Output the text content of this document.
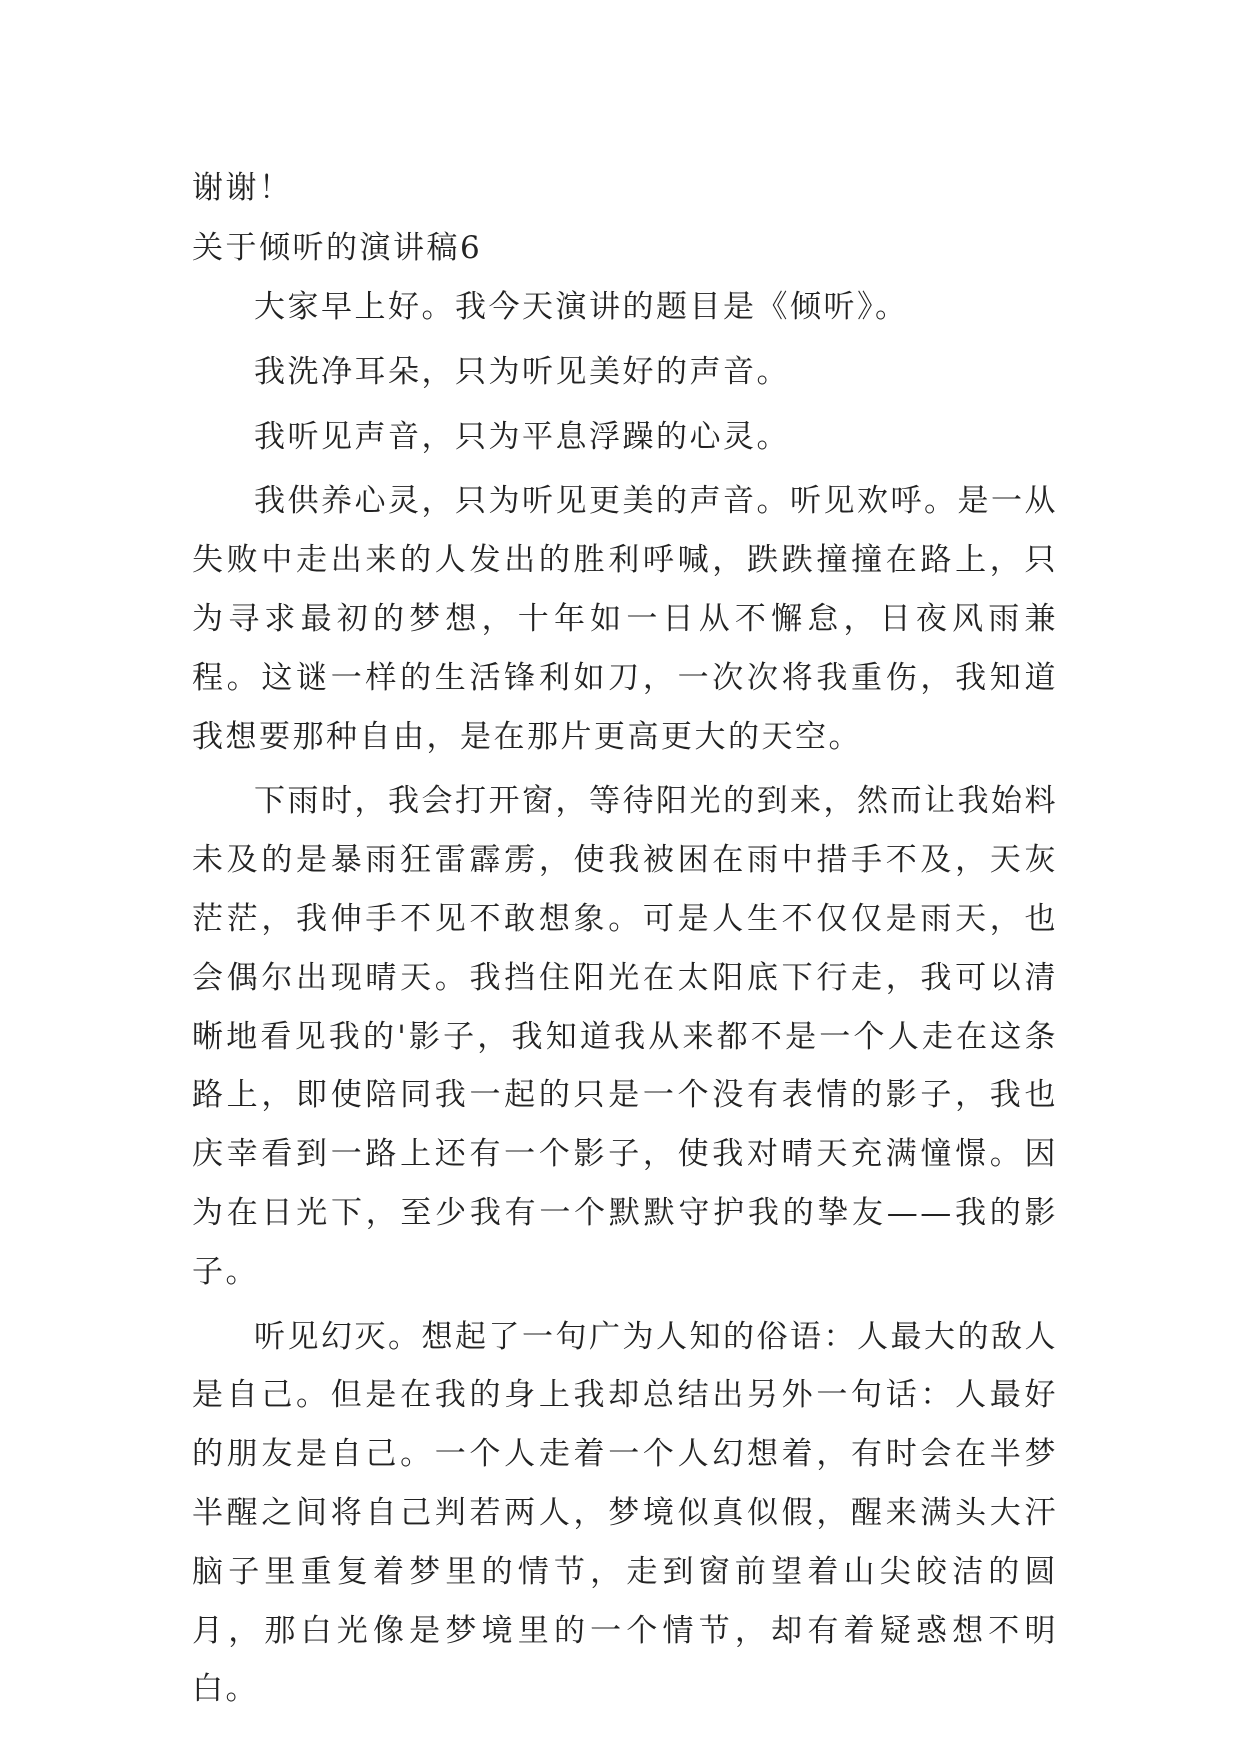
谢谢！

关于倾听的演讲稿6

大家早上好。我今天演讲的题目是《倾听》。

我洗净耳朵，只为听见美好的声音。

我听见声音，只为平息浮躁的心灵。

我供养心灵，只为听见更美的声音。听见欢呼。是一从失败中走出来的人发出的胜利呼喊，跌跌撞撞在路上，只为寻求最初的梦想，十年如一日从不懈怠，日夜风雨兼程。这谜一样的生活锋利如刀，一次次将我重伤，我知道我想要那种自由，是在那片更高更大的天空。

下雨时，我会打开窗，等待阳光的到来，然而让我始料未及的是暴雨狂雷霹雳，使我被困在雨中措手不及，天灰茫茫，我伸手不见不敢想象。可是人生不仅仅是雨天，也会偶尔出现晴天。我挡住阳光在太阳底下行走，我可以清晰地看见我的'影子，我知道我从来都不是一个人走在这条路上，即使陪同我一起的只是一个没有表情的影子，我也庆幸看到一路上还有一个影子，使我对晴天充满憧憬。因为在日光下，至少我有一个默默守护我的挚友——我的影子。

听见幻灭。想起了一句广为人知的俗语：人最大的敌人是自己。但是在我的身上我却总结出另外一句话：人最好的朋友是自己。一个人走着一个人幻想着，有时会在半梦半醒之间将自己判若两人，梦境似真似假，醒来满头大汗脑子里重复着梦里的情节，走到窗前望着山尖皎洁的圆月，那白光像是梦境里的一个情节，却有着疑惑想不明白。
